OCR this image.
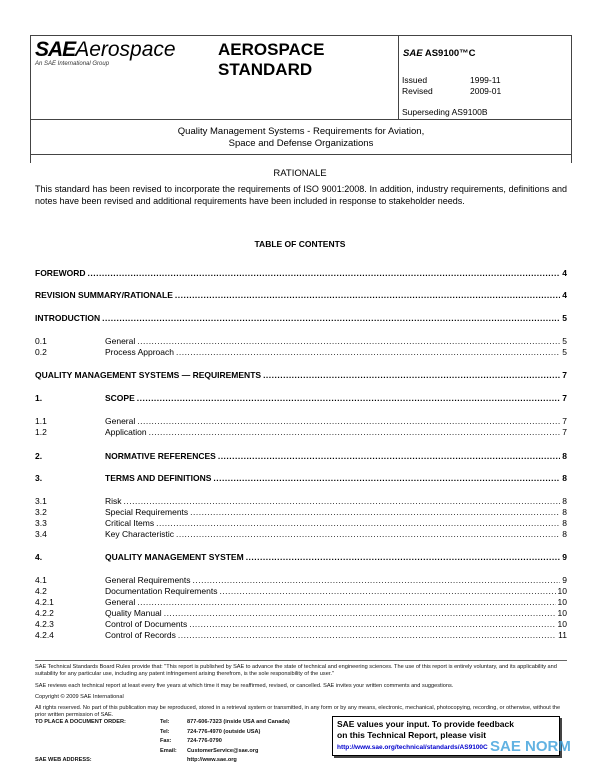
SAEAerospace
An SAE International Group
AEROSPACE
STANDARD
SAE AS9100™C
Issued	1999-11
Revised	2009-01
Superseding AS9100B
Quality Management Systems - Requirements for Aviation,
Space and Defense Organizations
RATIONALE
This standard has been revised to incorporate the requirements of ISO 9001:2008. In addition, industry requirements, definitions and notes have been revised and additional requirements have been included in response to stakeholder needs.
TABLE OF CONTENTS
FOREWORD .....	4
REVISION SUMMARY/RATIONALE .....	4
INTRODUCTION .....	5
0.1	General .....	5
0.2	Process Approach .....	5
QUALITY MANAGEMENT SYSTEMS — REQUIREMENTS .....	7
1.	SCOPE .....	7
1.1	General .....	7
1.2	Application .....	7
2.	NORMATIVE REFERENCES .....	8
3.	TERMS AND DEFINITIONS .....	8
3.1	Risk .....	8
3.2	Special Requirements .....	8
3.3	Critical Items .....	8
3.4	Key Characteristic .....	8
4.	QUALITY MANAGEMENT SYSTEM .....	9
4.1	General Requirements .....	9
4.2	Documentation Requirements .....	10
4.2.1	General .....	10
4.2.2	Quality Manual .....	10
4.2.3	Control of Documents .....	10
4.2.4	Control of Records .....	11
SAE Technical Standards Board Rules provide that: "This report is published by SAE to advance the state of technical and engineering sciences. The use of this report is entirely voluntary, and its applicability and suitability for any particular use, including any patent infringement arising therefrom, is the sole responsibility of the user."
SAE reviews each technical report at least every five years at which time it may be reaffirmed, revised, or cancelled. SAE invites your written comments and suggestions.
Copyright © 2009 SAE International
All rights reserved. No part of this publication may be reproduced, stored in a retrieval system or transmitted, in any form or by any means, electronic, mechanical, photocopying, recording, or otherwise, without the prior written permission of SAE.
TO PLACE A DOCUMENT ORDER:	Tel:	877-606-7323 (inside USA and Canada)
Tel:	724-776-4970 (outside USA)
Fax:	724-776-0790
Email:	CustomerService@sae.org
SAE WEB ADDRESS:	http://www.sae.org
SAE values your input. To provide feedback
on this Technical Report, please visit
http://www.sae.org/technical/standards/AS9100C SAE NORM
